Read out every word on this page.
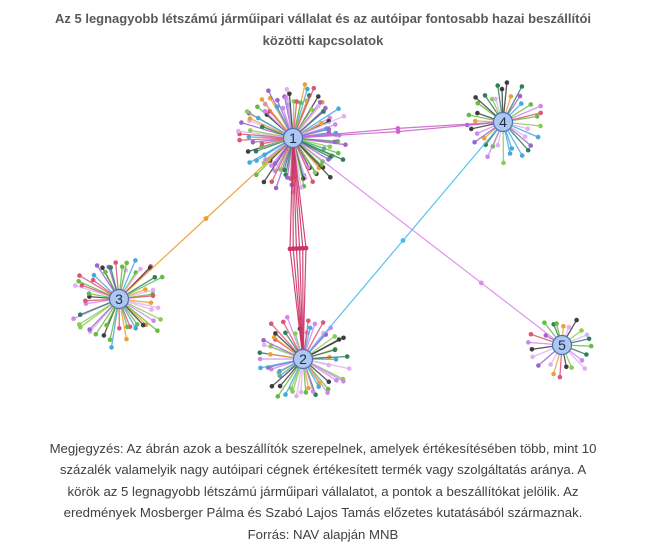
Az 5 legnagyobb létszámú járműipari vállalat és az autóipar fontosabb hazai beszállítói
közötti kapcsolatok
1
2
3
4
5
Megjegyzés: Az ábrán azok a beszállítók szerepelnek, amelyek értékesítésében több, mint 10
százalék valamelyik nagy autóipari cégnek értékesített termék vagy szolgáltatás aránya. A
körök az 5 legnagyobb létszámú járműipari vállalatot, a pontok a beszállítókat jelölik. Az
eredmények Mosberger Pálma és Szabó Lajos Tamás előzetes kutatásából származnak.
Forrás: NAV alapján MNB
